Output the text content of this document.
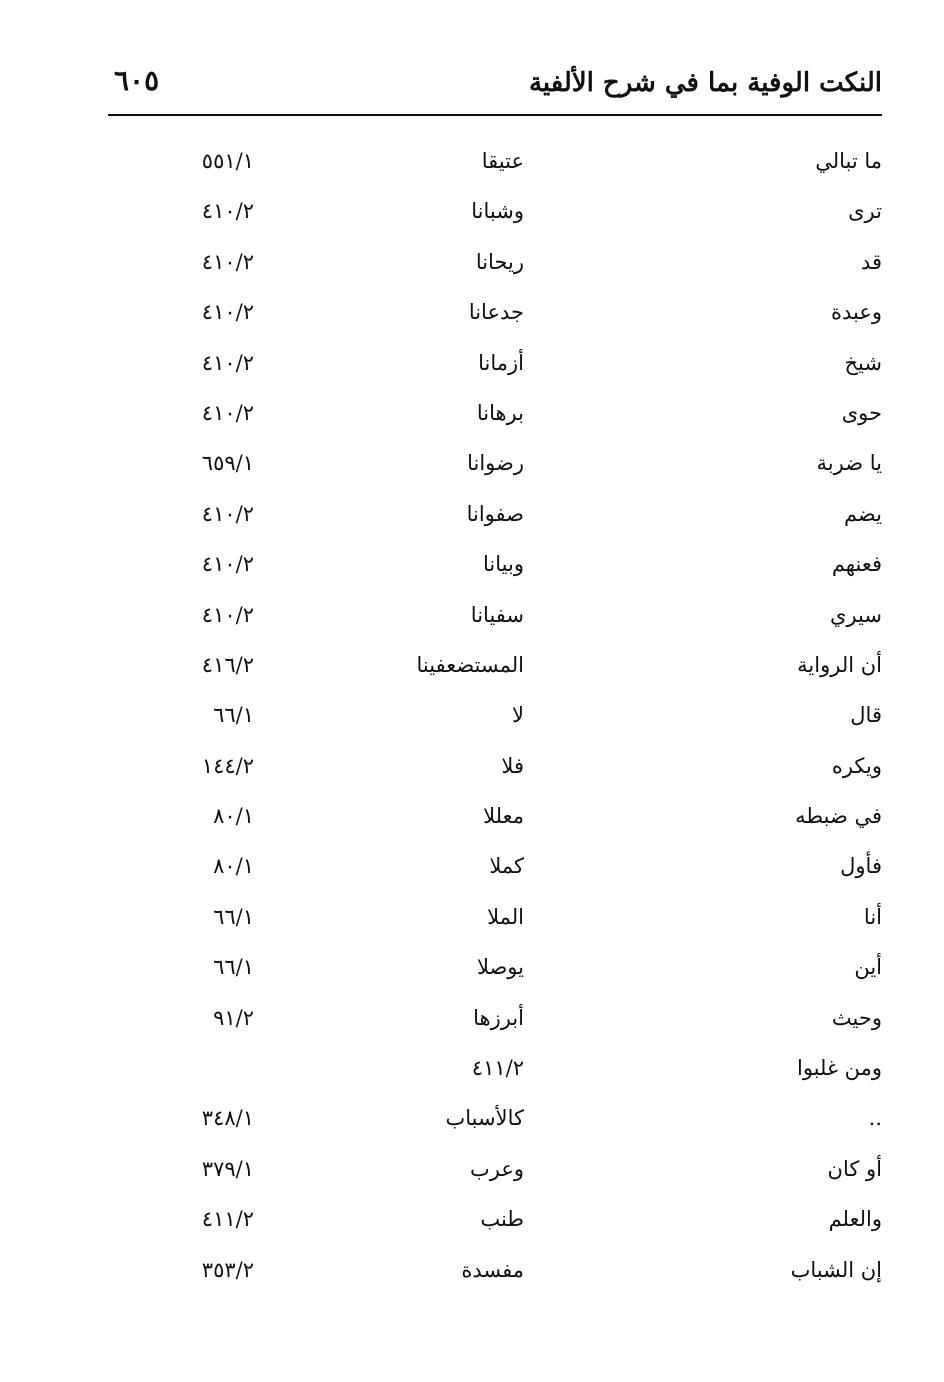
النكت الوفية بما في شرح الألفية
٦٠٥
ما تبالي
عتيقا
٥٥١/١
ترى
وشبانا
٤١٠/٢
قد
ريحانا
٤١٠/٢
وعبدة
جدعانا
٤١٠/٢
شيخ
أزمانا
٤١٠/٢
حوى
برهانا
٤١٠/٢
يا ضربة
رضوانا
٦٥٩/١
يضم
صفوانا
٤١٠/٢
فعنهم
وبيانا
٤١٠/٢
سيري
سفيانا
٤١٠/٢
أن الرواية
المستضعفينا
٤١٦/٢
قال
لا
٦٦/١
ويكره
فلا
١٤٤/٢
في ضبطه
معللا
٨٠/١
فأول
كملا
٨٠/١
أنا
الملا
٦٦/١
أين
يوصلا
٦٦/١
وحيث
أبرزها
٩١/٢
ومن غلبوا
٤١١/٢
..
كالأسباب
٣٤٨/١
أو كان
وعرب
٣٧٩/١
والعلم
طنب
٤١١/٢
إن الشباب
مفسدة
٣٥٣/٢
